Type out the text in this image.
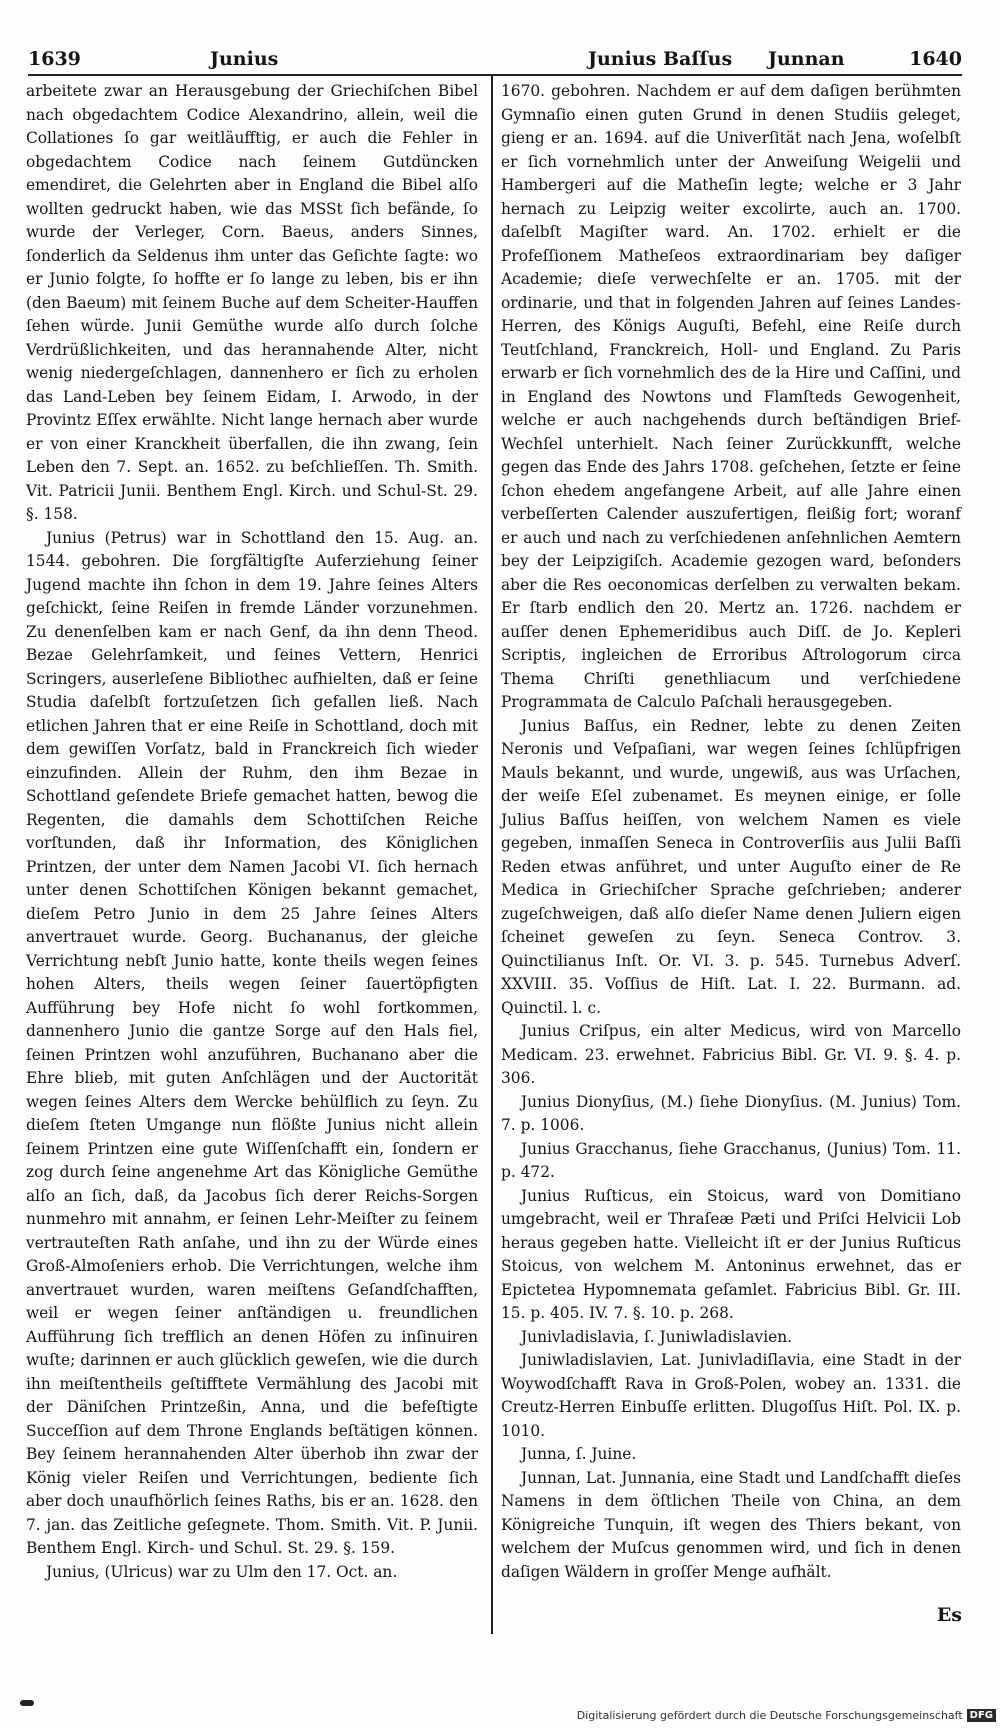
1639	Junius	Junius Baſſus Junnan	1640

arbeitete zwar an Herausgebung der Griechiſchen Bibel nach obgedachtem Codice Alexandrino, allein, weil die Collationes ſo gar weitläufftig, er auch die Fehler in obgedachtem Codice nach ſeinem Gutdüncken emendiret, die Gelehrten aber in England die Bibel alſo wollten gedruckt haben, wie das MSSt ſich befände, ſo wurde der Verleger, Corn. Baeus, anders Sinnes, ſonderlich da Seldenus ihm unter das Geſichte ſagte: wo er Junio folgte, ſo hoffte er ſo lange zu leben, bis er ihn (den Baeum) mit ſeinem Buche auf dem Scheiter-Hauffen ſehen würde. Junii Gemüthe wurde alſo durch ſolche Verdrüßlichkeiten, und das herannahende Alter, nicht wenig niedergeſchlagen, dannenhero er ſich zu erholen das Land-Leben bey ſeinem Eidam, I. Arwodo, in der Provintz Eſſex erwählte. Nicht lange hernach aber wurde er von einer Kranckheit überfallen, die ihn zwang, ſein Leben den 7. Sept. an. 1652. zu beſchlieſſen. Th. Smith. Vit. Patricii Junii. Benthem Engl. Kirch. und Schul-St. 29. §. 158.

Junius (Petrus) war in Schottland den 15. Aug. an. 1544. gebohren. Die ſorgfältigſte Auferziehung ſeiner Jugend machte ihn ſchon in dem 19. Jahre ſeines Alters geſchickt, ſeine Reiſen in fremde Länder vorzunehmen. Zu denenſelben kam er nach Genf, da ihn denn Theod. Bezae Gelehrſamkeit, und ſeines Vettern, Henrici Scringers, auserleſene Bibliothec aufhielten, daß er ſeine Studia daſelbſt fortzuſetzen ſich gefallen ließ. Nach etlichen Jahren that er eine Reiſe in Schottland, doch mit dem gewiſſen Vorſatz, bald in Franckreich ſich wieder einzufinden. Allein der Ruhm, den ihm Bezae in Schottland geſendete Briefe gemachet hatten, bewog die Regenten, die damahls dem Schottiſchen Reiche vorſtunden, daß ihr Information, des Königlichen Printzen, der unter dem Namen Jacobi VI. ſich hernach unter denen Schottiſchen Königen bekannt gemachet, dieſem Petro Junio in dem 25 Jahre ſeines Alters anvertrauet wurde. Georg. Buchananus, der gleiche Verrichtung nebſt Junio hatte, konte theils wegen ſeines hohen Alters, theils wegen ſeiner ſauertöpfigten Aufführung bey Hofe nicht ſo wohl fortkommen, dannenhero Junio die gantze Sorge auf den Hals fiel, ſeinen Printzen wohl anzuführen, Buchanano aber die Ehre blieb, mit guten Anſchlägen und der Auctorität wegen ſeines Alters dem Wercke behülflich zu ſeyn. Zu dieſem ſteten Umgange nun flößte Junius nicht allein ſeinem Printzen eine gute Wiſſenſchafft ein, ſondern er zog durch ſeine angenehme Art das Königliche Gemüthe alſo an ſich, daß, da Jacobus ſich derer Reichs-Sorgen nunmehro mit annahm, er ſeinen Lehr-Meiſter zu ſeinem vertrauteſten Rath anſahe, und ihn zu der Würde eines Groß-Almoſeniers erhob. Die Verrichtungen, welche ihm anvertrauet wurden, waren meiſtens Geſandſchafften, weil er wegen ſeiner anſtändigen u. freundlichen Aufführung ſich trefflich an denen Höfen zu inſinuiren wuſte; darinnen er auch glücklich geweſen, wie die durch ihn meiſtentheils geſtifftete Vermählung des Jacobi mit der Däniſchen Printzeßin, Anna, und die befeſtigte Succeſſion auf dem Throne Englands beſtätigen können. Bey ſeinem herannahenden Alter überhob ihn zwar der König vieler Reiſen und Verrichtungen, bediente ſich aber doch unaufhörlich ſeines Raths, bis er an. 1628. den 7. jan. das Zeitliche geſegnete. Thom. Smith. Vit. P. Junii. Benthem Engl. Kirch- und Schul. St. 29. §. 159.

Junius, (Ulricus) war zu Ulm den 17. Oct. an.

1670. gebohren. Nachdem er auf dem daſigen berühmten Gymnaſio einen guten Grund in denen Studiis geleget, gieng er an. 1694. auf die Univerſität nach Jena, woſelbſt er ſich vornehmlich unter der Anweiſung Weigelii und Hambergeri auf die Matheſin legte; welche er 3 Jahr hernach zu Leipzig weiter excolirte, auch an. 1700. daſelbſt Magiſter ward. An. 1702. erhielt er die Profeſſionem Matheſeos extraordinariam bey daſiger Academie; dieſe verwechſelte er an. 1705. mit der ordinarie, und that in folgenden Jahren auf ſeines Landes-Herren, des Königs Auguſti, Befehl, eine Reiſe durch Teutſchland, Franckreich, Holl- und England. Zu Paris erwarb er ſich vornehmlich des de la Hire und Caſſini, und in England des Nowtons und Flamſteds Gewogenheit, welche er auch nachgehends durch beſtändigen Brief-Wechſel unterhielt. Nach ſeiner Zurückkunfft, welche gegen das Ende des Jahrs 1708. geſchehen, ſetzte er ſeine ſchon ehedem angefangene Arbeit, auf alle Jahre einen verbeſſerten Calender auszufertigen, fleißig fort; woranf er auch und nach zu verſchiedenen anſehnlichen Aemtern bey der Leipzigiſch. Academie gezogen ward, beſonders aber die Res oeconomicas derſelben zu verwalten bekam. Er ſtarb endlich den 20. Mertz an. 1726. nachdem er auſſer denen Ephemeridibus auch Diſſ. de Jo. Kepleri Scriptis, ingleichen de Erroribus Aſtrologorum circa Thema Chriſti genethliacum und verſchiedene Programmata de Calculo Paſchali herausgegeben.

Junius Baſſus, ein Redner, lebte zu denen Zeiten Neronis und Veſpaſiani, war wegen ſeines ſchlüpfrigen Mauls bekannt, und wurde, ungewiß, aus was Urſachen, der weiſe Eſel zubenamet. Es meynen einige, er ſolle Julius Baſſus heiſſen, von welchem Namen es viele gegeben, inmaſſen Seneca in Controverſiis aus Julii Baſſi Reden etwas anführet, und unter Auguſto einer de Re Medica in Griechiſcher Sprache geſchrieben; anderer zugeſchweigen, daß alſo dieſer Name denen Juliern eigen ſcheinet geweſen zu ſeyn. Seneca Controv. 3. Quinctilianus Inſt. Or. VI. 3. p. 545. Turnebus Adverſ. XXVIII. 35. Voſſius de Hiſt. Lat. I. 22. Burmann. ad. Quinctil. l. c.

Junius Criſpus, ein alter Medicus, wird von Marcello Medicam. 23. erwehnet. Fabricius Bibl. Gr. VI. 9. §. 4. p. 306.

Junius Dionyſius, (M.) ſiehe Dionyſius. (M. Junius) Tom. 7. p. 1006.

Junius Gracchanus, ſiehe Gracchanus, (Junius) Tom. 11. p. 472.

Junius Ruſticus, ein Stoicus, ward von Domitiano umgebracht, weil er Thraſeæ Pæti und Priſci Helvicii Lob heraus gegeben hatte. Vielleicht iſt er der Junius Ruſticus Stoicus, von welchem M. Antoninus erwehnet, das er Epictetea Hypomnemata geſamlet. Fabricius Bibl. Gr. III. 15. p. 405. IV. 7. §. 10. p. 268.

Junivladislavia, ſ. Juniwladislavien.

Juniwladislavien, Lat. Junivladiſlavia, eine Stadt in der Woywodſchafft Rava in Groß-Polen, wobey an. 1331. die Creutz-Herren Einbuſſe erlitten. Dlugoſſus Hiſt. Pol. IX. p. 1010.

Junna, ſ. Juine.

Junnan, Lat. Junnania, eine Stadt und Landſchafft dieſes Namens in dem öſtlichen Theile von China, an dem Königreiche Tunquin, iſt wegen des Thiers bekant, von welchem der Muſcus genommen wird, und ſich in denen daſigen Wäldern in groſſer Menge aufhält.

Es
Digitalisierung gefördert durch die Deutsche Forschungsgemeinschaft DFG
